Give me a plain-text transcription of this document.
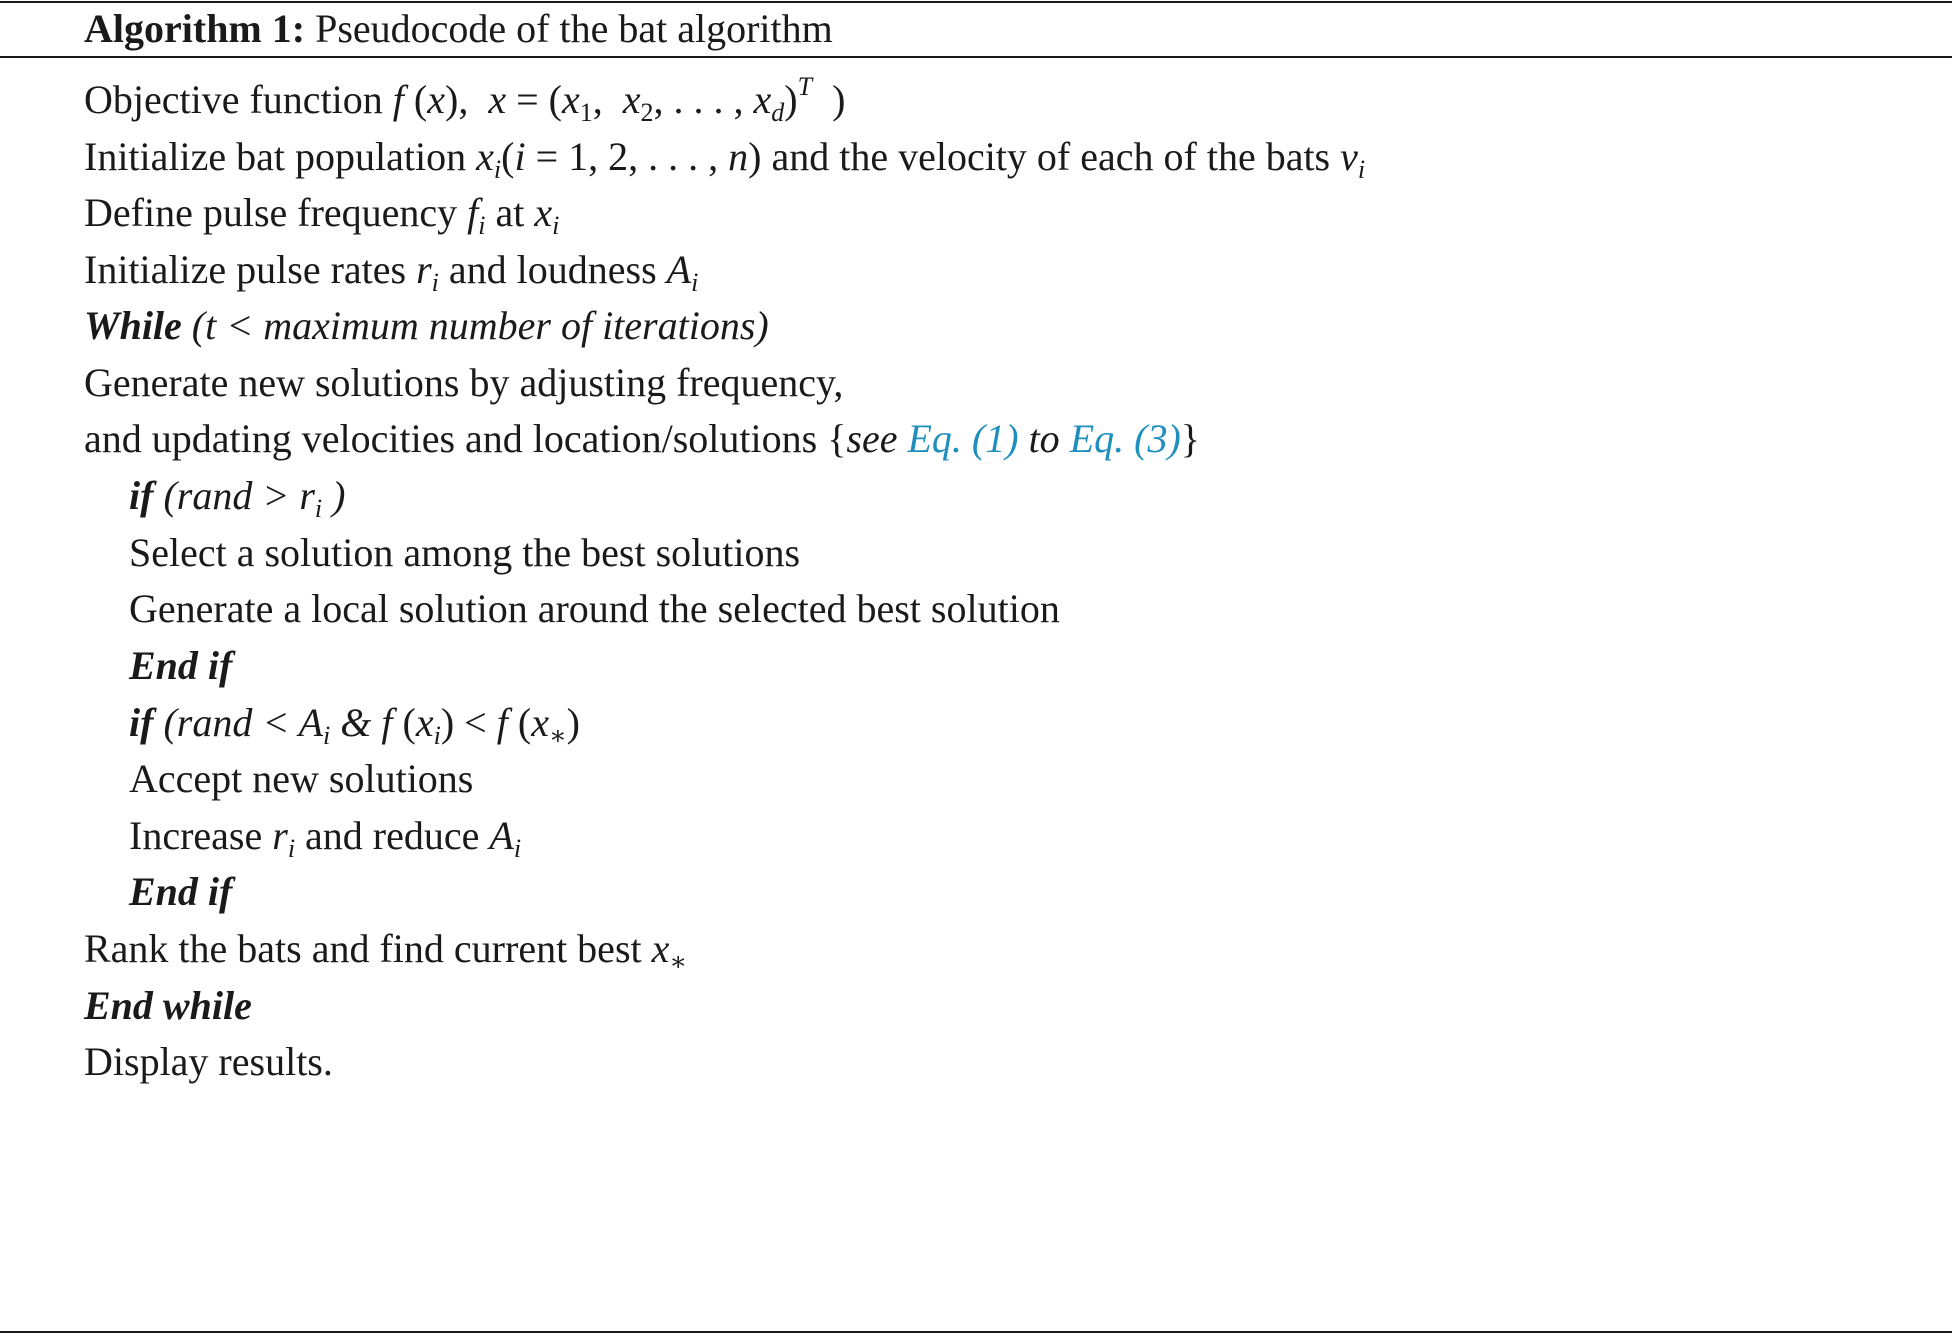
Algorithm 1: Pseudocode of the bat algorithm
Objective function f (x),  $x = (x_1$,  $x_2$, . . . , $x_d)^T$  )
Initialize bat population $x_i(i = 1$, 2, . . . , n) and the velocity of each of the bats $v_i$
Define pulse frequency $f_i$ at $x_i$
Initialize pulse rates $r_i$ and loudness $A_i$
While (t < maximum number of iterations)
Generate new solutions by adjusting frequency,
and updating velocities and location/solutions {see Eq. (1) to Eq. (3)}
if (rand > $r_i$ )
Select a solution among the best solutions
Generate a local solution around the selected best solution
End if
if (rand < $A_i$ & f $(x_i) < f$ $(x_∗)$
Accept new solutions
Increase $r_i$ and reduce $A_i$
End if
Rank the bats and find current best $x_∗$
End while
Display results.
